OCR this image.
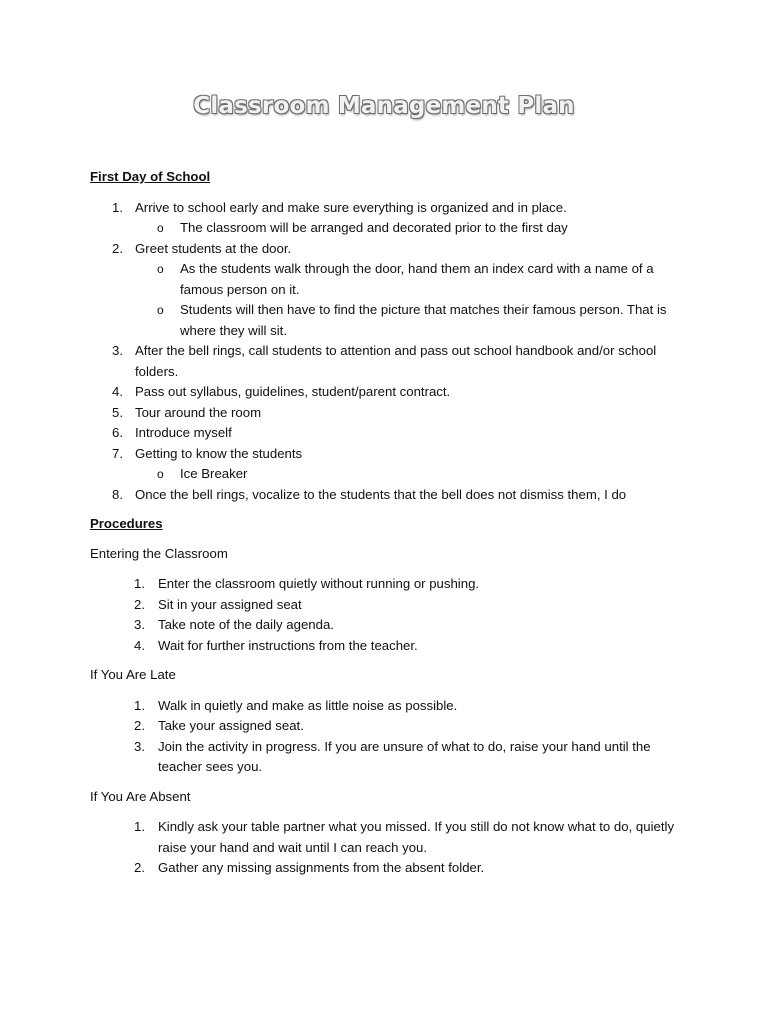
Classroom Management Plan

First Day of School

1. Arrive to school early and make sure everything is organized and in place.
o The classroom will be arranged and decorated prior to the first day
2. Greet students at the door.
o As the students walk through the door, hand them an index card with a name of a famous person on it.
o Students will then have to find the picture that matches their famous person. That is where they will sit.
3. After the bell rings, call students to attention and pass out school handbook and/or school folders.
4. Pass out syllabus, guidelines, student/parent contract.
5. Tour around the room
6. Introduce myself
7. Getting to know the students
o Ice Breaker
8. Once the bell rings, vocalize to the students that the bell does not dismiss them, I do

Procedures

Entering the Classroom

1. Enter the classroom quietly without running or pushing.
2. Sit in your assigned seat
3. Take note of the daily agenda.
4. Wait for further instructions from the teacher.

If You Are Late

1. Walk in quietly and make as little noise as possible.
2. Take your assigned seat.
3. Join the activity in progress. If you are unsure of what to do, raise your hand until the teacher sees you.

If You Are Absent

1. Kindly ask your table partner what you missed. If you still do not know what to do, quietly raise your hand and wait until I can reach you.
2. Gather any missing assignments from the absent folder.
